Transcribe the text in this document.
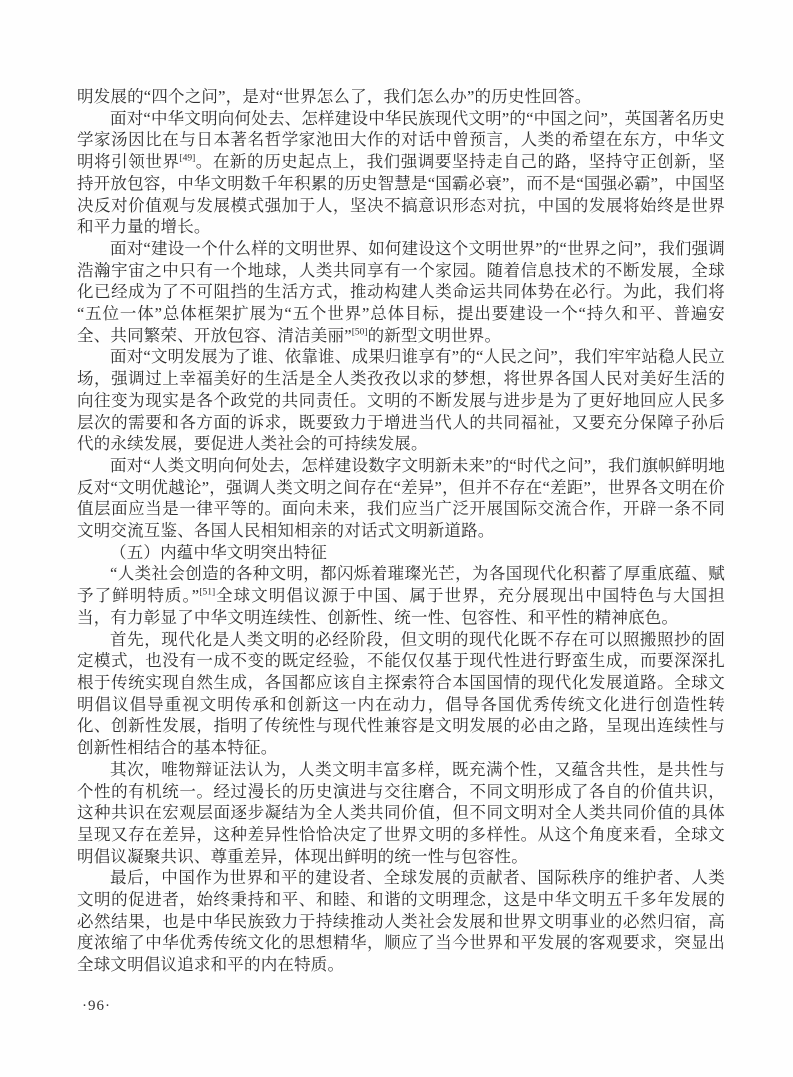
明发展的“四个之问”，是对“世界怎么了，我们怎么办”的历史性回答。

面对“中华文明向何处去、怎样建设中华民族现代文明”的“中国之问”，英国著名历史学家汤因比在与日本著名哲学家池田大作的对话中曾预言，人类的希望在东方，中华文明将引领世界[49]。在新的历史起点上，我们强调要坚持走自己的路，坚持守正创新，坚持开放包容，中华文明数千年积累的历史智慧是“国霸必衰”，而不是“国强必霸”，中国坚决反对价值观与发展模式强加于人，坚决不搞意识形态对抗，中国的发展将始终是世界和平力量的增长。

面对“建设一个什么样的文明世界、如何建设这个文明世界”的“世界之问”，我们强调浩瀚宇宙之中只有一个地球，人类共同享有一个家园。随着信息技术的不断发展，全球化已经成为了不可阻挡的生活方式，推动构建人类命运共同体势在必行。为此，我们将“五位一体”总体框架扩展为“五个世界”总体目标，提出要建设一个“持久和平、普遍安全、共同繁荣、开放包容、清洁美丽”[50]的新型文明世界。

面对“文明发展为了谁、依靠谁、成果归谁享有”的“人民之问”，我们牢牢站稳人民立场，强调过上幸福美好的生活是全人类孜孜以求的梦想，将世界各国人民对美好生活的向往变为现实是各个政党的共同责任。文明的不断发展与进步是为了更好地回应人民多层次的需要和各方面的诉求，既要致力于增进当代人的共同福祉，又要充分保障子孙后代的永续发展，要促进人类社会的可持续发展。

面对“人类文明向何处去，怎样建设数字文明新未来”的“时代之问”，我们旗帜鲜明地反对“文明优越论”，强调人类文明之间存在“差异”，但并不存在“差距”，世界各文明在价值层面应当是一律平等的。面向未来，我们应当广泛开展国际交流合作，开辟一条不同文明交流互鉴、各国人民相知相亲的对话式文明新道路。

（五）内蕴中华文明突出特征

“人类社会创造的各种文明，都闪烁着璀璨光芒，为各国现代化积蓄了厚重底蕴、赋予了鲜明特质。”[51]全球文明倡议源于中国、属于世界，充分展现出中国特色与大国担当，有力彰显了中华文明连续性、创新性、统一性、包容性、和平性的精神底色。

首先，现代化是人类文明的必经阶段，但文明的现代化既不存在可以照搬照抄的固定模式，也没有一成不变的既定经验，不能仅仅基于现代性进行野蛮生成，而要深深扎根于传统实现自然生成，各国都应该自主探索符合本国国情的现代化发展道路。全球文明倡议倡导重视文明传承和创新这一内在动力，倡导各国优秀传统文化进行创造性转化、创新性发展，指明了传统性与现代性兼容是文明发展的必由之路，呈现出连续性与创新性相结合的基本特征。

其次，唯物辩证法认为，人类文明丰富多样，既充满个性，又蕴含共性，是共性与个性的有机统一。经过漫长的历史演进与交往磨合，不同文明形成了各自的价值共识，这种共识在宏观层面逐步凝结为全人类共同价值，但不同文明对全人类共同价值的具体呈现又存在差异，这种差异性恰恰决定了世界文明的多样性。从这个角度来看，全球文明倡议凝聚共识、尊重差异，体现出鲜明的统一性与包容性。

最后，中国作为世界和平的建设者、全球发展的贡献者、国际秩序的维护者、人类文明的促进者，始终秉持和平、和睦、和谐的文明理念，这是中华文明五千多年发展的必然结果，也是中华民族致力于持续推动人类社会发展和世界文明事业的必然归宿，高度浓缩了中华优秀传统文化的思想精华，顺应了当今世界和平发展的客观要求，突显出全球文明倡议追求和平的内在特质。

·96·
